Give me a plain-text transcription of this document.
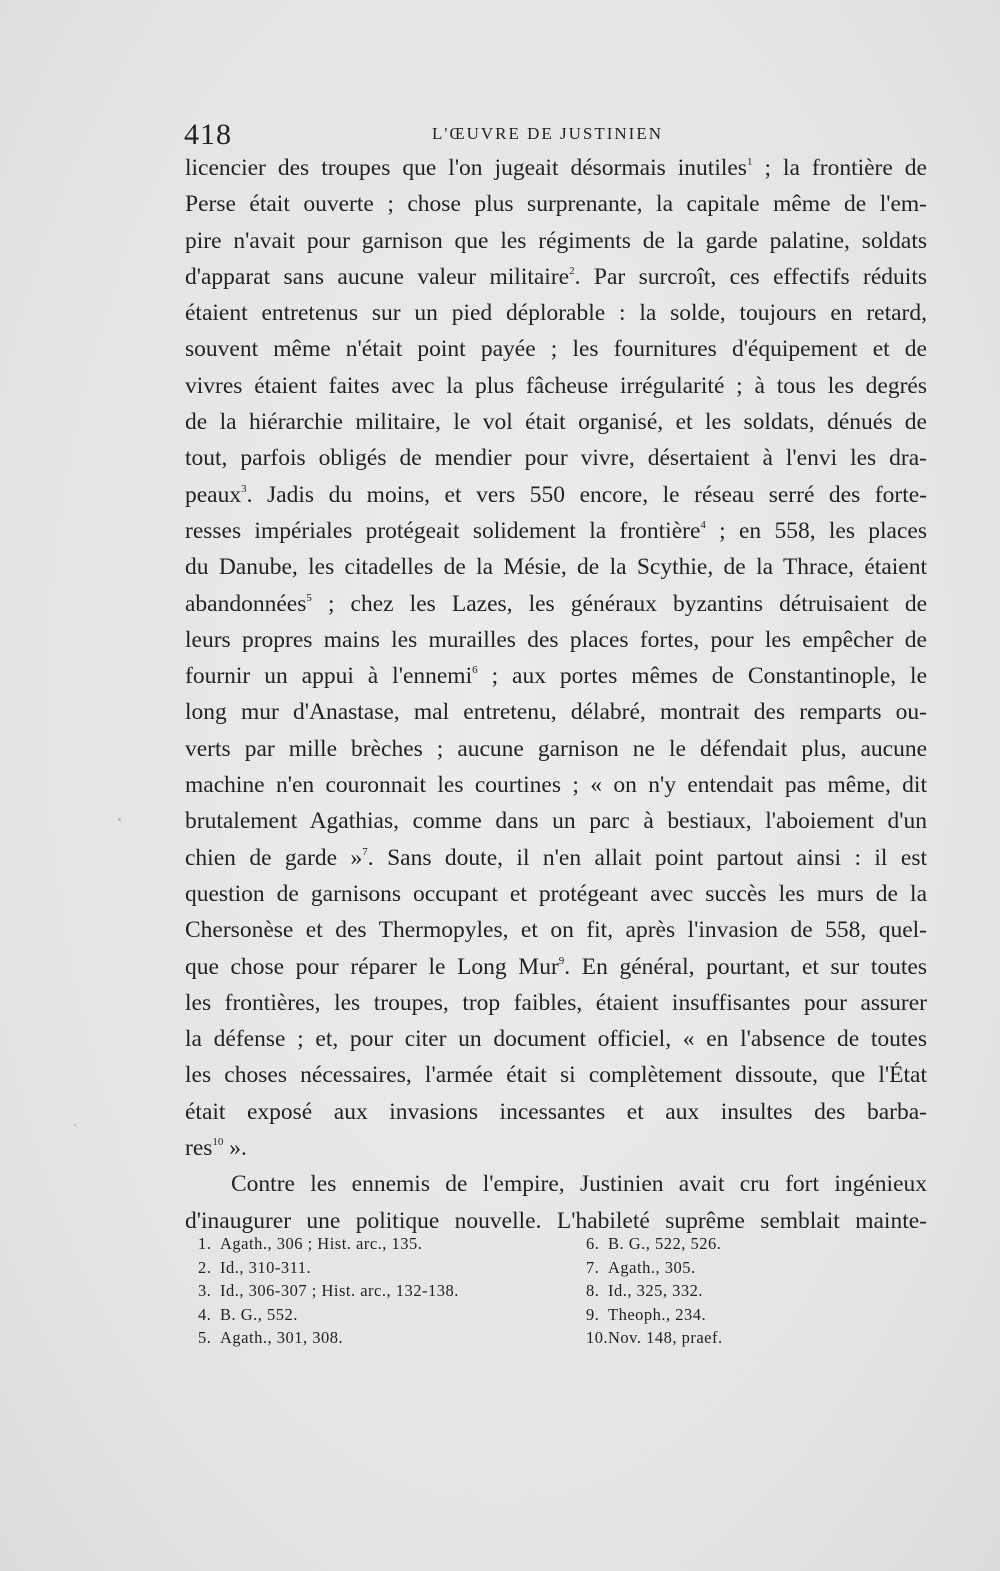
418	L'ŒUVRE DE JUSTINIEN
licencier des troupes que l'on jugeait désormais inutiles$^1$ ; la frontière de
Perse était ouverte ; chose plus surprenante, la capitale même de l'em-
pire n'avait pour garnison que les régiments de la garde palatine, soldats
d'apparat sans aucune valeur militaire$^2$. Par surcroît, ces effectifs réduits
étaient entretenus sur un pied déplorable : la solde, toujours en retard,
souvent même n'était point payée ; les fournitures d'équipement et de
vivres étaient faites avec la plus fâcheuse irrégularité ; à tous les degrés
de la hiérarchie militaire, le vol était organisé, et les soldats, dénués de
tout, parfois obligés de mendier pour vivre, désertaient à l'envi les dra-
peaux$^3$. Jadis du moins, et vers 550 encore, le réseau serré des forte-
resses impériales protégeait solidement la frontière$^4$ ; en 558, les places
du Danube, les citadelles de la Mésie, de la Scythie, de la Thrace, étaient
abandonnées$^5$ ; chez les Lazes, les généraux byzantins détruisaient de
leurs propres mains les murailles des places fortes, pour les empêcher de
fournir un appui à l'ennemi$^6$ ; aux portes mêmes de Constantinople, le
long mur d'Anastase, mal entretenu, délabré, montrait des remparts ou-
verts par mille brèches ; aucune garnison ne le défendait plus, aucune
machine n'en couronnait les courtines ; « on n'y entendait pas même, dit
brutalement Agathias, comme dans un parc à bestiaux, l'aboiement d'un
chien de garde »$^7$. Sans doute, il n'en allait point partout ainsi : il est
question de garnisons occupant et protégeant avec succès les murs de la
Chersonèse et des Thermopyles, et on fit, après l'invasion de 558, quel-
que chose pour réparer le Long Mur$^9$. En général, pourtant, et sur toutes
les frontières, les troupes, trop faibles, étaient insuffisantes pour assurer
la défense ; et, pour citer un document officiel, « en l'absence de toutes
les choses nécessaires, l'armée était si complètement dissoute, que l'État
était exposé aux invasions incessantes et aux insultes des barba-
res$^{10}$ ».
Contre les ennemis de l'empire, Justinien avait cru fort ingénieux
d'inaugurer une politique nouvelle. L'habileté suprême semblait mainte-
1. Agath., 306 ; Hist. arc., 135.
2. Id., 310-311.
3. Id., 306-307 ; Hist. arc., 132-138.
4. B. G., 552.
5. Agath., 301, 308.
6. B. G., 522, 526.
7. Agath., 305.
8. Id., 325, 332.
9. Theoph., 234.
10.Nov. 148, praef.
